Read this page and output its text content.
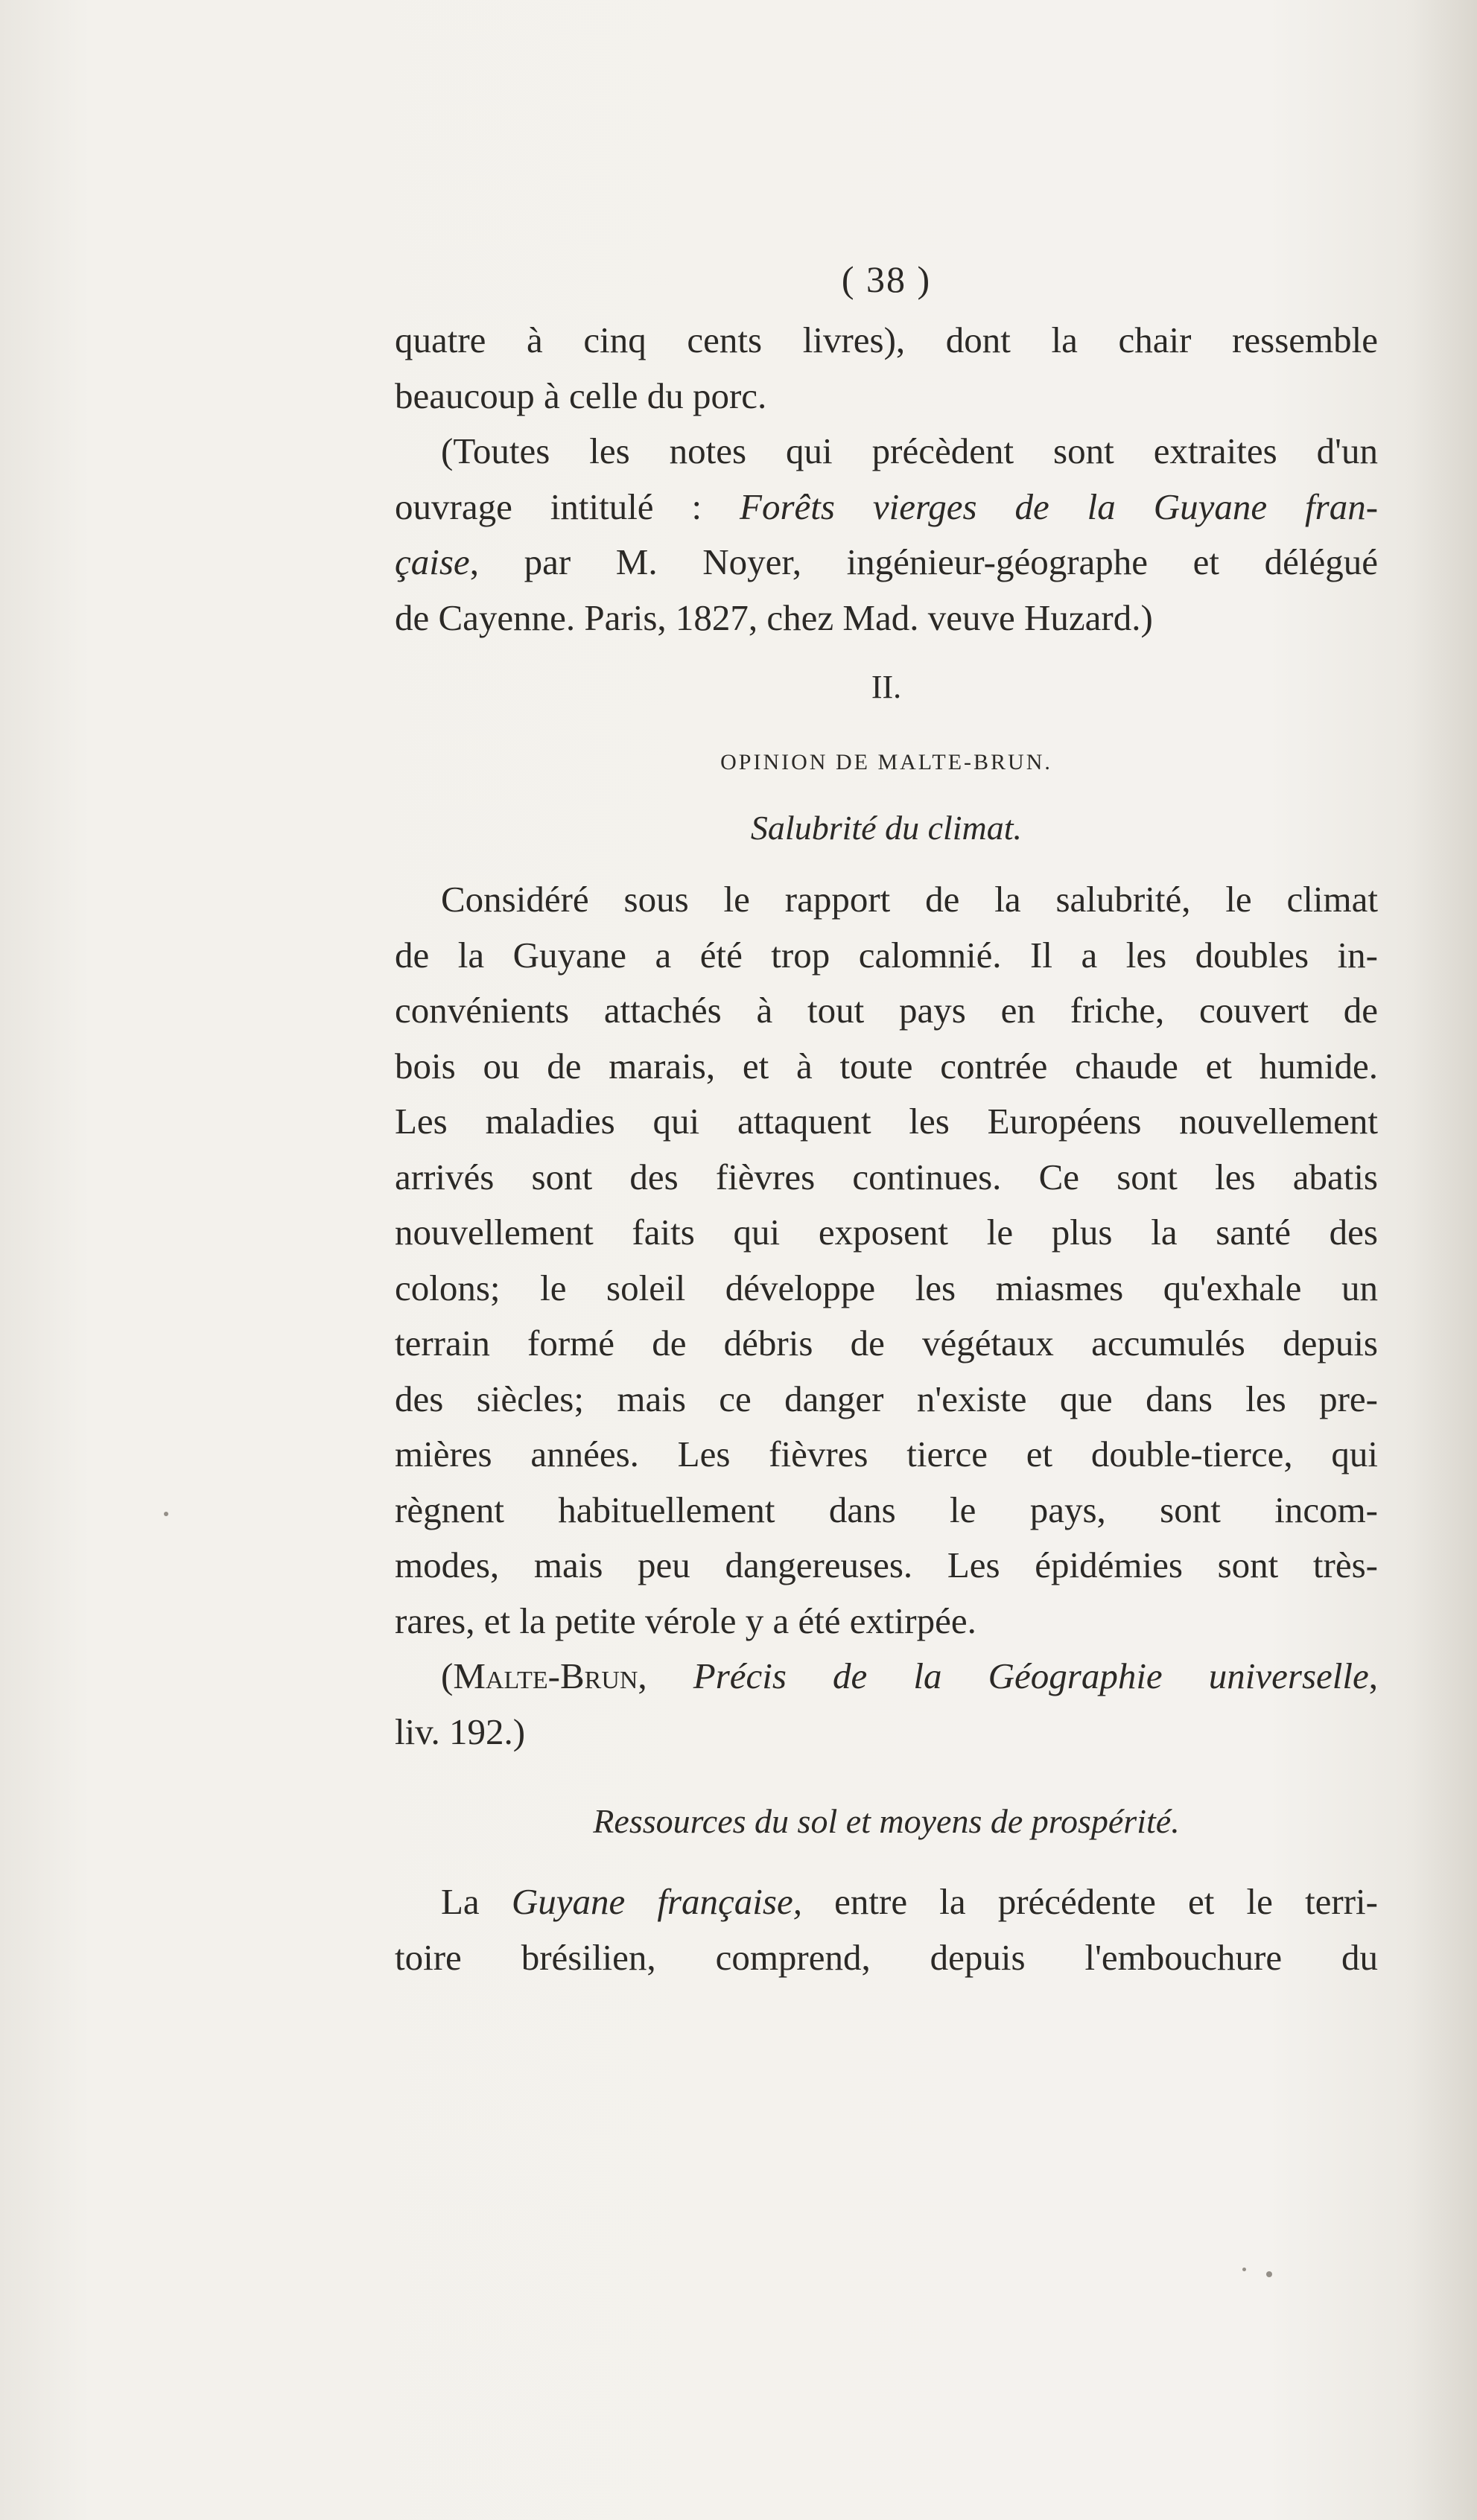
( 38 )
quatre à cinq cents livres), dont la chair ressemble
beaucoup à celle du porc.
(Toutes les notes qui précèdent sont extraites d'un
ouvrage intitulé : Forêts vierges de la Guyane fran-
çaise, par M. Noyer, ingénieur-géographe et délégué
de Cayenne. Paris, 1827, chez Mad. veuve Huzard.)
II.
OPINION DE MALTE-BRUN.
Salubrité du climat.
Considéré sous le rapport de la salubrité, le climat
de la Guyane a été trop calomnié. Il a les doubles in-
convénients attachés à tout pays en friche, couvert de
bois ou de marais, et à toute contrée chaude et humide.
Les maladies qui attaquent les Européens nouvellement
arrivés sont des fièvres continues. Ce sont les abatis
nouvellement faits qui exposent le plus la santé des
colons; le soleil développe les miasmes qu'exhale un
terrain formé de débris de végétaux accumulés depuis
des siècles; mais ce danger n'existe que dans les pre-
mières années. Les fièvres tierce et double-tierce, qui
règnent habituellement dans le pays, sont incom-
modes, mais peu dangereuses. Les épidémies sont très-
rares, et la petite vérole y a été extirpée.
(Malte-Brun, Précis de la Géographie universelle,
liv. 192.)
Ressources du sol et moyens de prospérité.
La Guyane française, entre la précédente et le terri-
toire brésilien, comprend, depuis l'embouchure du
